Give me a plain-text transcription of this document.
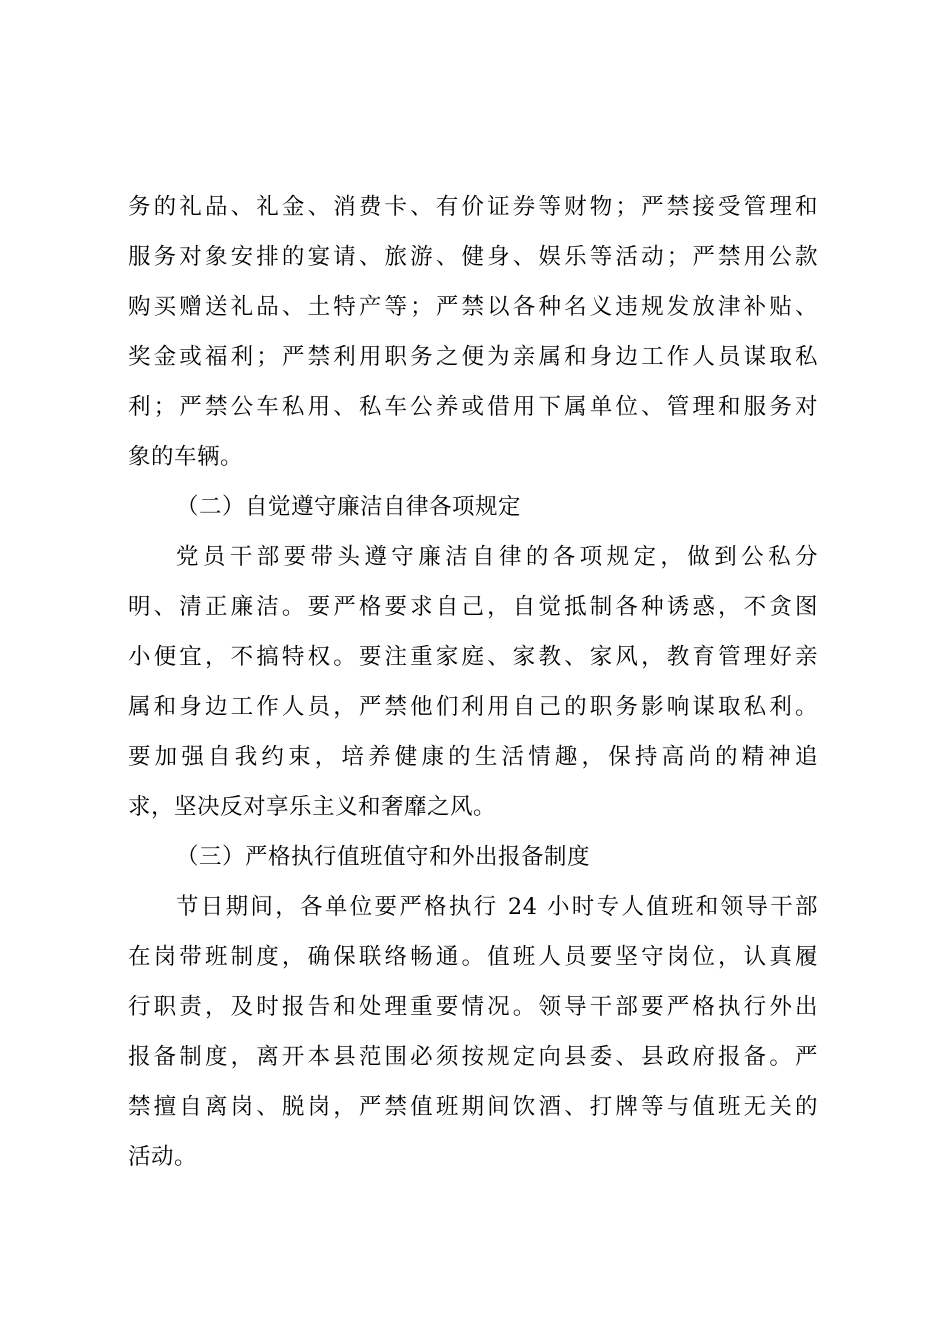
务的礼品、礼金、消费卡、有价证券等财物；严禁接受管理和
服务对象安排的宴请、旅游、健身、娱乐等活动；严禁用公款
购买赠送礼品、土特产等；严禁以各种名义违规发放津补贴、
奖金或福利；严禁利用职务之便为亲属和身边工作人员谋取私
利；严禁公车私用、私车公养或借用下属单位、管理和服务对
象的车辆。
（二）自觉遵守廉洁自律各项规定
党员干部要带头遵守廉洁自律的各项规定，做到公私分
明、清正廉洁。要严格要求自己，自觉抵制各种诱惑，不贪图
小便宜，不搞特权。要注重家庭、家教、家风，教育管理好亲
属和身边工作人员，严禁他们利用自己的职务影响谋取私利。
要加强自我约束，培养健康的生活情趣，保持高尚的精神追
求，坚决反对享乐主义和奢靡之风。
（三）严格执行值班值守和外出报备制度
节日期间，各单位要严格执行 24 小时专人值班和领导干部
在岗带班制度，确保联络畅通。值班人员要坚守岗位，认真履
行职责，及时报告和处理重要情况。领导干部要严格执行外出
报备制度，离开本县范围必须按规定向县委、县政府报备。严
禁擅自离岗、脱岗，严禁值班期间饮酒、打牌等与值班无关的
活动。
